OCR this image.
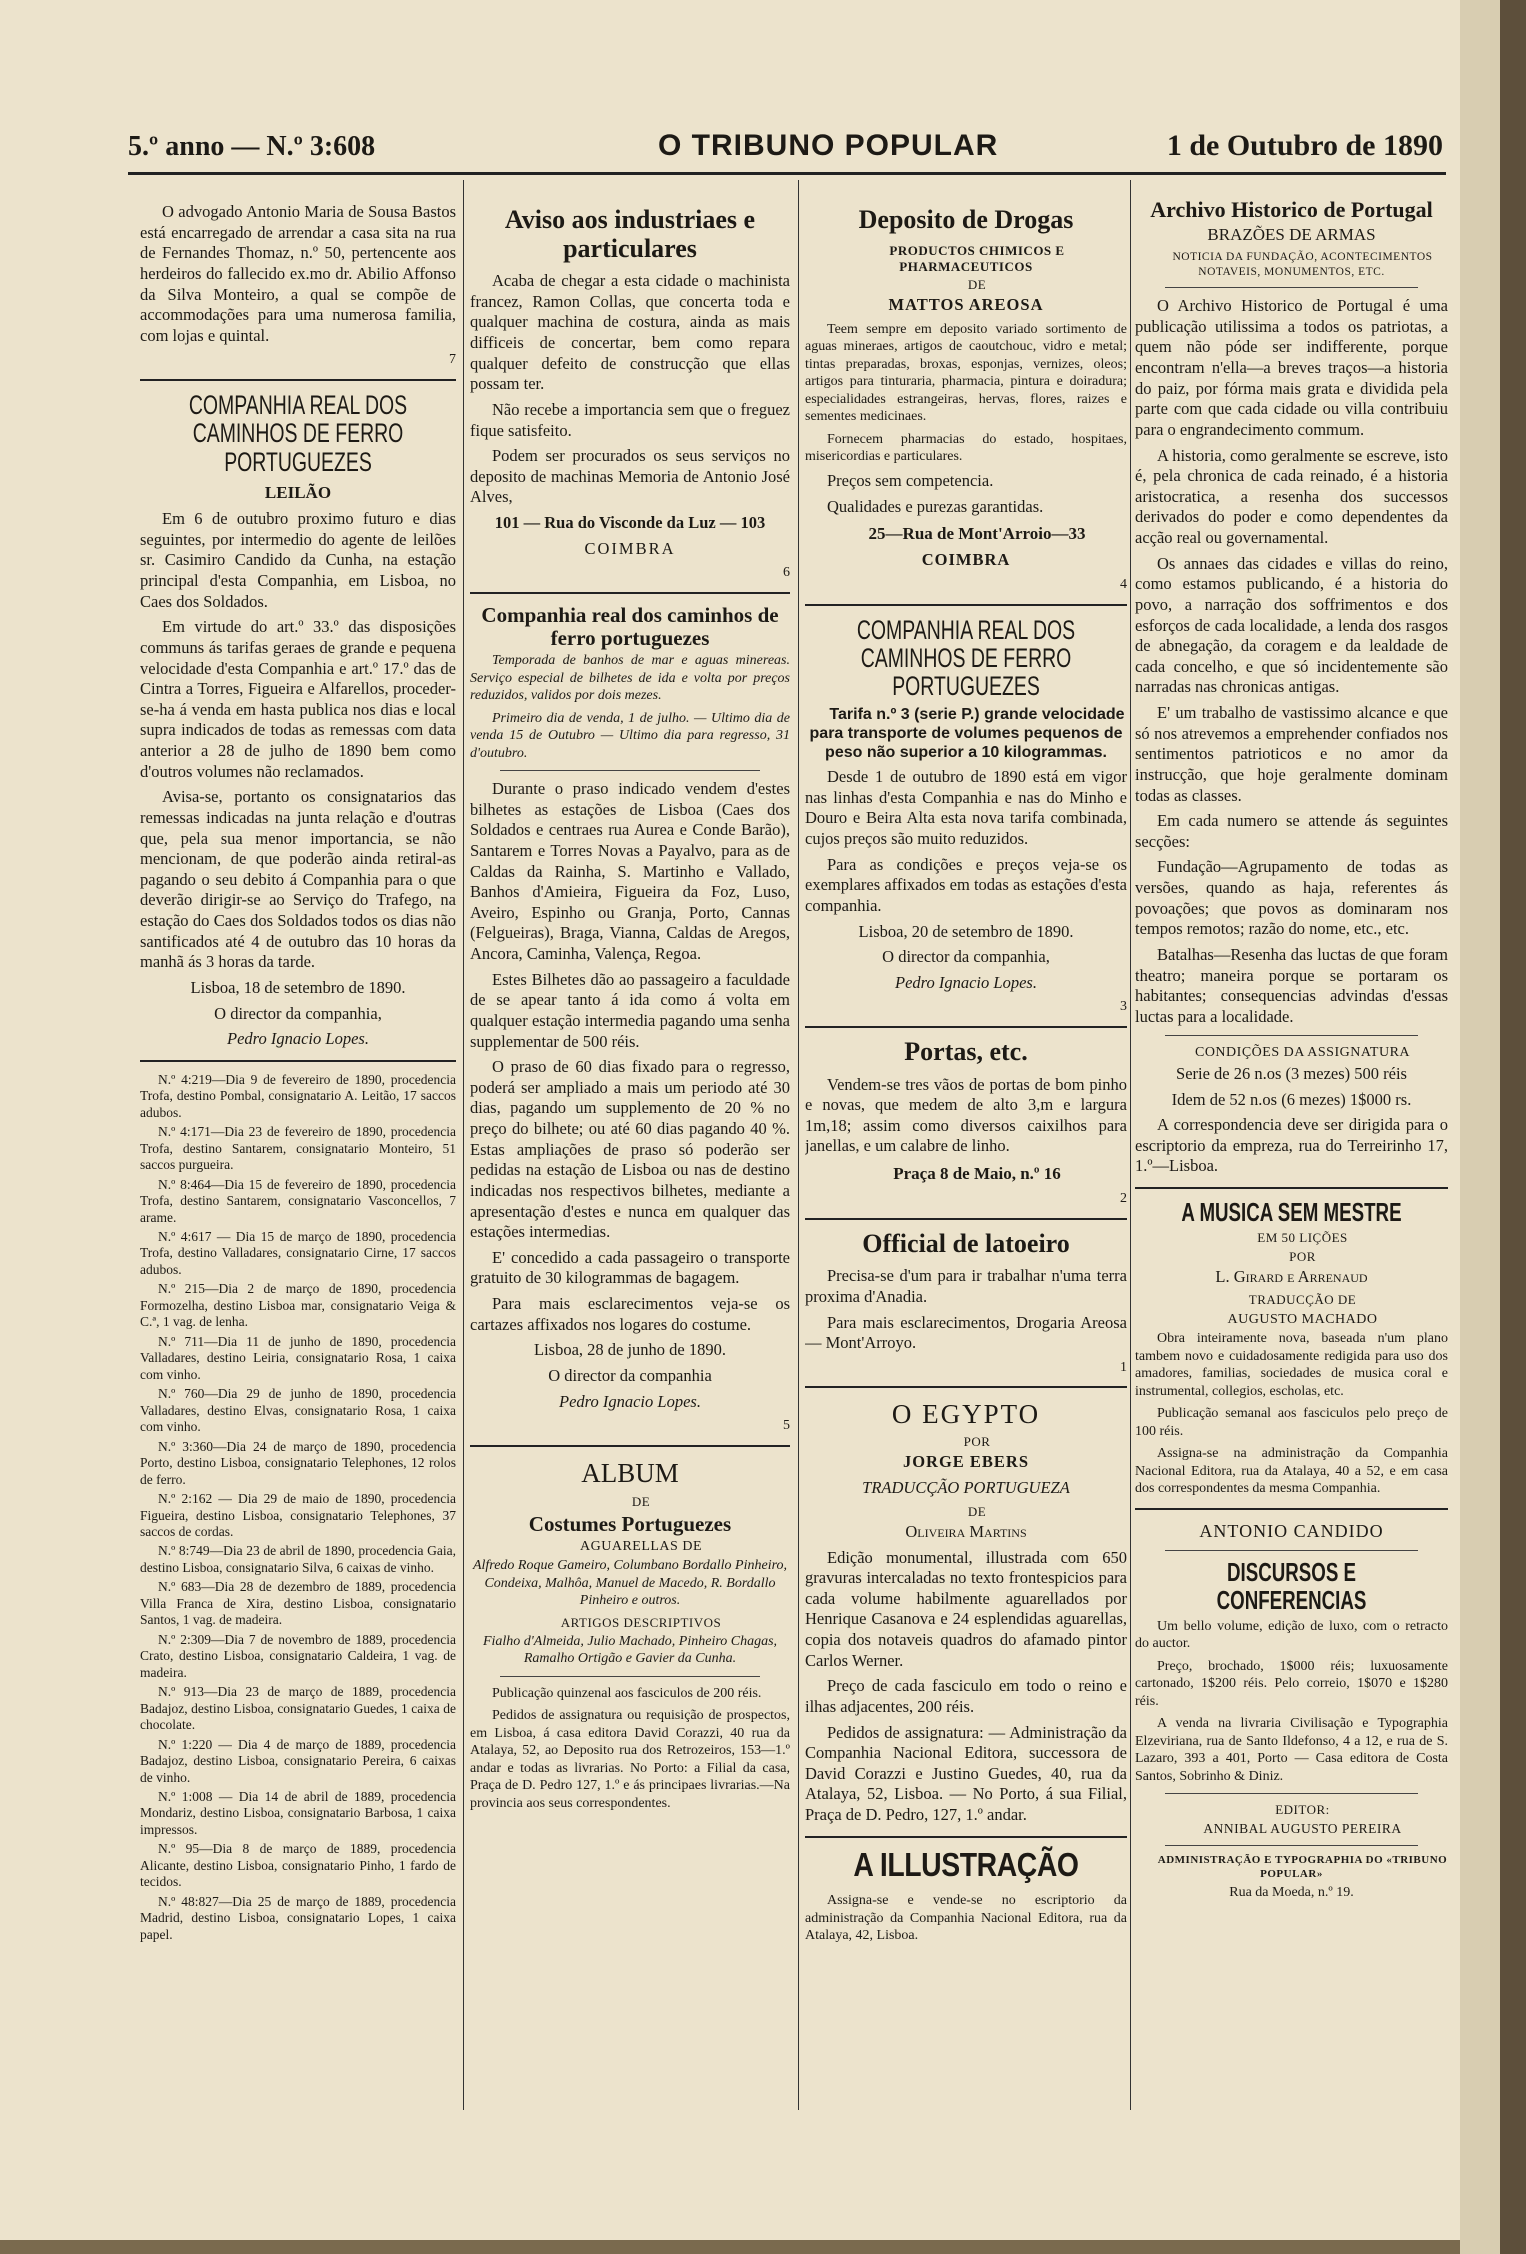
5.º anno — N.º 3:608	O TRIBUNO POPULAR	1 de Outubro de 1890

O advogado Antonio Maria de Sousa Bastos está encarregado de arrendar a casa sita na rua de Fernandes Thomaz, n.º 50, pertencente aos herdeiros do fallecido ex.mo dr. Abilio Affonso da Silva Monteiro, a qual se compõe de accommodações para uma numerosa familia, com lojas e quintal.

7

COMPANHIA REAL DOS CAMINHOS DE FERRO PORTUGUEZES
LEILÃO

Em 6 de outubro proximo futuro e dias seguintes, por intermedio do agente de leilões sr. Casimiro Candido da Cunha, na estação principal d'esta Companhia, em Lisboa, no Caes dos Soldados.

Em virtude do art.º 33.º das disposições communs ás tarifas geraes de grande e pequena velocidade d'esta Companhia e art.º 17.º das de Cintra a Torres, Figueira e Alfarellos, proceder-se-ha á venda em hasta publica nos dias e local supra indicados de todas as remessas com data anterior a 28 de julho de 1890 bem como d'outros volumes não reclamados.

Avisa-se, portanto os consignatarios das remessas indicadas na junta relação e d'outras que, pela sua menor importancia, se não mencionam, de que poderão ainda retiral-as pagando o seu debito á Companhia para o que deverão dirigir-se ao Serviço do Trafego, na estação do Caes dos Soldados todos os dias não santificados até 4 de outubro das 10 horas da manhã ás 3 horas da tarde.

Lisboa, 18 de setembro de 1890.

O director da companhia,

Pedro Ignacio Lopes.

N.º 4:219—Dia 9 de fevereiro de 1890, procedencia Trofa, destino Pombal, consignatario A. Leitão, 17 saccos adubos.

N.º 4:171—Dia 23 de fevereiro de 1890, procedencia Trofa, destino Santarem, consignatario Monteiro, 51 saccos purgueira.

N.º 8:464—Dia 15 de fevereiro de 1890, procedencia Trofa, destino Santarem, consignatario Vasconcellos, 7 arame.

N.º 4:617 — Dia 15 de março de 1890, procedencia Trofa, destino Valladares, consignatario Cirne, 17 saccos adubos.

N.º 215—Dia 2 de março de 1890, procedencia Formozelha, destino Lisboa mar, consignatario Veiga & C.ª, 1 vag. de lenha.

N.º 711—Dia 11 de junho de 1890, procedencia Valladares, destino Leiria, consignatario Rosa, 1 caixa com vinho.

N.º 760—Dia 29 de junho de 1890, procedencia Valladares, destino Elvas, consignatario Rosa, 1 caixa com vinho.

N.º 3:360—Dia 24 de março de 1890, procedencia Porto, destino Lisboa, consignatario Telephones, 12 rolos de ferro.

N.º 2:162 — Dia 29 de maio de 1890, procedencia Figueira, destino Lisboa, consignatario Telephones, 37 saccos de cordas.

N.º 8:749—Dia 23 de abril de 1890, procedencia Gaia, destino Lisboa, consignatario Silva, 6 caixas de vinho.

N.º 683—Dia 28 de dezembro de 1889, procedencia Villa Franca de Xira, destino Lisboa, consignatario Santos, 1 vag. de madeira.

N.º 2:309—Dia 7 de novembro de 1889, procedencia Crato, destino Lisboa, consignatario Caldeira, 1 vag. de madeira.

N.º 913—Dia 23 de março de 1889, procedencia Badajoz, destino Lisboa, consignatario Guedes, 1 caixa de chocolate.

N.º 1:220 — Dia 4 de março de 1889, procedencia Badajoz, destino Lisboa, consignatario Pereira, 6 caixas de vinho.

N.º 1:008 — Dia 14 de abril de 1889, procedencia Mondariz, destino Lisboa, consignatario Barbosa, 1 caixa impressos.

N.º 95—Dia 8 de março de 1889, procedencia Alicante, destino Lisboa, consignatario Pinho, 1 fardo de tecidos.

N.º 48:827—Dia 25 de março de 1889, procedencia Madrid, destino Lisboa, consignatario Lopes, 1 caixa papel.

Aviso aos industriaes e particulares

Acaba de chegar a esta cidade o machinista francez, Ramon Collas, que concerta toda e qualquer machina de costura, ainda as mais difficeis de concertar, bem como repara qualquer defeito de construcção que ellas possam ter.

Não recebe a importancia sem que o freguez fique satisfeito.

Podem ser procurados os seus serviços no deposito de machinas Memoria de Antonio José Alves,

101 — Rua do Visconde da Luz — 103

COIMBRA

6

Companhia real dos caminhos de ferro portuguezes

Temporada de banhos de mar e aguas minereas. Serviço especial de bilhetes de ida e volta por preços reduzidos, validos por dois mezes.

Primeiro dia de venda, 1 de julho. — Ultimo dia de venda 15 de Outubro — Ultimo dia para regresso, 31 d'outubro.

Durante o praso indicado vendem d'estes bilhetes as estações de Lisboa (Caes dos Soldados e centraes rua Aurea e Conde Barão), Santarem e Torres Novas a Payalvo, para as de Caldas da Rainha, S. Martinho e Vallado, Banhos d'Amieira, Figueira da Foz, Luso, Aveiro, Espinho ou Granja, Porto, Cannas (Felgueiras), Braga, Vianna, Caldas de Aregos, Ancora, Caminha, Valença, Regoa.

Estes Bilhetes dão ao passageiro a faculdade de se apear tanto á ida como á volta em qualquer estação intermedia pagando uma senha supplementar de 500 réis.

O praso de 60 dias fixado para o regresso, poderá ser ampliado a mais um periodo até 30 dias, pagando um supplemento de 20 % no preço do bilhete; ou até 60 dias pagando 40 %. Estas ampliações de praso só poderão ser pedidas na estação de Lisboa ou nas de destino indicadas nos respectivos bilhetes, mediante a apresentação d'estes e nunca em qualquer das estações intermedias.

E' concedido a cada passageiro o transporte gratuito de 30 kilogrammas de bagagem.

Para mais esclarecimentos veja-se os cartazes affixados nos logares do costume.

Lisboa, 28 de junho de 1890.

O director da companhia

Pedro Ignacio Lopes.

5

ALBUM

DE

Costumes Portuguezes

AGUARELLAS DE

Alfredo Roque Gameiro, Columbano Bordallo Pinheiro, Condeixa, Malhôa, Manuel de Macedo, R. Bordallo Pinheiro e outros.

ARTIGOS DESCRIPTIVOS

Fialho d'Almeida, Julio Machado, Pinheiro Chagas, Ramalho Ortigão e Gavier da Cunha.

Publicação quinzenal aos fasciculos de 200 réis.

Pedidos de assignatura ou requisição de prospectos, em Lisboa, á casa editora David Corazzi, 40 rua da Atalaya, 52, ao Deposito rua dos Retrozeiros, 153—1.º andar e todas as livrarias. No Porto: a Filial da casa, Praça de D. Pedro 127, 1.º e ás principaes livrarias.—Na provincia aos seus correspondentes.

Deposito de Drogas

PRODUCTOS CHIMICOS E PHARMACEUTICOS

DE

MATTOS AREOSA

Teem sempre em deposito variado sortimento de aguas mineraes, artigos de caoutchouc, vidro e metal; tintas preparadas, broxas, esponjas, vernizes, oleos; artigos para tinturaria, pharmacia, pintura e doiradura; especialidades estrangeiras, hervas, flores, raizes e sementes medicinaes.

Fornecem pharmacias do estado, hospitaes, misericordias e particulares.

Preços sem competencia.

Qualidades e purezas garantidas.

25—Rua de Mont'Arroio—33

COIMBRA

4

COMPANHIA REAL DOS CAMINHOS DE FERRO PORTUGUEZES

Tarifa n.º 3 (serie P.) grande velocidade para transporte de volumes pequenos de peso não superior a 10 kilogrammas.

Desde 1 de outubro de 1890 está em vigor nas linhas d'esta Companhia e nas do Minho e Douro e Beira Alta esta nova tarifa combinada, cujos preços são muito reduzidos.

Para as condições e preços veja-se os exemplares affixados em todas as estações d'esta companhia.

Lisboa, 20 de setembro de 1890.

O director da companhia,

Pedro Ignacio Lopes.

3

Portas, etc.

Vendem-se tres vãos de portas de bom pinho e novas, que medem de alto 3,m e largura 1m,18; assim como diversos caixilhos para janellas, e um calabre de linho.

Praça 8 de Maio, n.º 16

2

Official de latoeiro

Precisa-se d'um para ir trabalhar n'uma terra proxima d'Anadia.

Para mais esclarecimentos, Drogaria Areosa — Mont'Arroyo.

1

O EGYPTO

POR

JORGE EBERS

TRADUCÇÃO PORTUGUEZA

DE

Oliveira Martins

Edição monumental, illustrada com 650 gravuras intercaladas no texto frontespicios para cada volume habilmente aguarellados por Henrique Casanova e 24 esplendidas aguarellas, copia dos notaveis quadros do afamado pintor Carlos Werner.

Preço de cada fasciculo em todo o reino e ilhas adjacentes, 200 réis.

Pedidos de assignatura: — Administração da Companhia Nacional Editora, successora de David Corazzi e Justino Guedes, 40, rua da Atalaya, 52, Lisboa. — No Porto, á sua Filial, Praça de D. Pedro, 127, 1.º andar.

A ILLUSTRAÇÃO

Assigna-se e vende-se no escriptorio da administração da Companhia Nacional Editora, rua da Atalaya, 42, Lisboa.

Archivo Historico de Portugal

BRAZÕES DE ARMAS

NOTICIA DA FUNDAÇÃO, ACONTECIMENTOS NOTAVEIS, MONUMENTOS, ETC.

O Archivo Historico de Portugal é uma publicação utilissima a todos os patriotas, a quem não póde ser indifferente, porque encontram n'ella—a breves traços—a historia do paiz, por fórma mais grata e dividida pela parte com que cada cidade ou villa contribuiu para o engrandecimento commum.

A historia, como geralmente se escreve, isto é, pela chronica de cada reinado, é a historia aristocratica, a resenha dos successos derivados do poder e como dependentes da acção real ou governamental.

Os annaes das cidades e villas do reino, como estamos publicando, é a historia do povo, a narração dos soffrimentos e dos esforços de cada localidade, a lenda dos rasgos de abnegação, da coragem e da lealdade de cada concelho, e que só incidentemente são narradas nas chronicas antigas.

E' um trabalho de vastissimo alcance e que só nos atrevemos a emprehender confiados nos sentimentos patrioticos e no amor da instrucção, que hoje geralmente dominam todas as classes.

Em cada numero se attende ás seguintes secções:

Fundação—Agrupamento de todas as versões, quando as haja, referentes ás povoações; que povos as dominaram nos tempos remotos; razão do nome, etc., etc.

Batalhas—Resenha das luctas de que foram theatro; maneira porque se portaram os habitantes; consequencias advindas d'essas luctas para a localidade.

CONDIÇÕES DA ASSIGNATURA

Serie de 26 n.os (3 mezes) 500 réis

Idem de 52 n.os (6 mezes) 1$000 rs.

A correspondencia deve ser dirigida para o escriptorio da empreza, rua do Terreirinho 17, 1.º—Lisboa.

A MUSICA SEM MESTRE

EM 50 LIÇÕES

POR

L. Girard e Arrenaud

TRADUCÇÃO DE

AUGUSTO MACHADO

Obra inteiramente nova, baseada n'um plano tambem novo e cuidadosamente redigida para uso dos amadores, familias, sociedades de musica coral e instrumental, collegios, escholas, etc.

Publicação semanal aos fasciculos pelo preço de 100 réis.

Assigna-se na administração da Companhia Nacional Editora, rua da Atalaya, 40 a 52, e em casa dos correspondentes da mesma Companhia.

ANTONIO CANDIDO

DISCURSOS E CONFERENCIAS

Um bello volume, edição de luxo, com o retracto do auctor.

Preço, brochado, 1$000 réis; luxuosamente cartonado, 1$200 réis. Pelo correio, 1$070 e 1$280 réis.

A venda na livraria Civilisação e Typographia Elzeviriana, rua de Santo Ildefonso, 4 a 12, e rua de S. Lazaro, 393 a 401, Porto — Casa editora de Costa Santos, Sobrinho & Diniz.

EDITOR:

ANNIBAL AUGUSTO PEREIRA

ADMINISTRAÇÃO E TYPOGRAPHIA DO «TRIBUNO POPULAR»

Rua da Moeda, n.º 19.
